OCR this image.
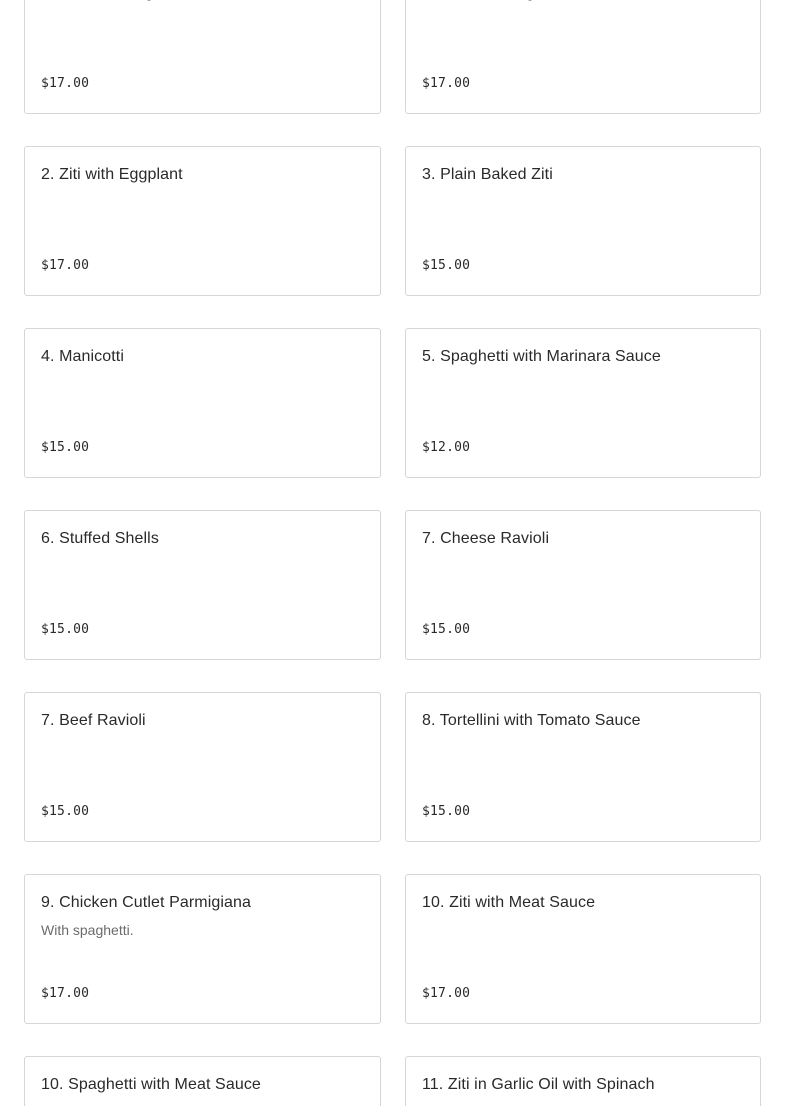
$17.00	$17.00
2. Ziti with Eggplant
$17.00
3. Plain Baked Ziti
$15.00
4. Manicotti
$15.00
5. Spaghetti with Marinara Sauce
$12.00
6. Stuffed Shells
$15.00
7. Cheese Ravioli
$15.00
7. Beef Ravioli
$15.00
8. Tortellini with Tomato Sauce
$15.00
9. Chicken Cutlet Parmigiana
With spaghetti.
$17.00
10. Ziti with Meat Sauce
$17.00
10. Spaghetti with Meat Sauce	11. Ziti in Garlic Oil with Spinach
